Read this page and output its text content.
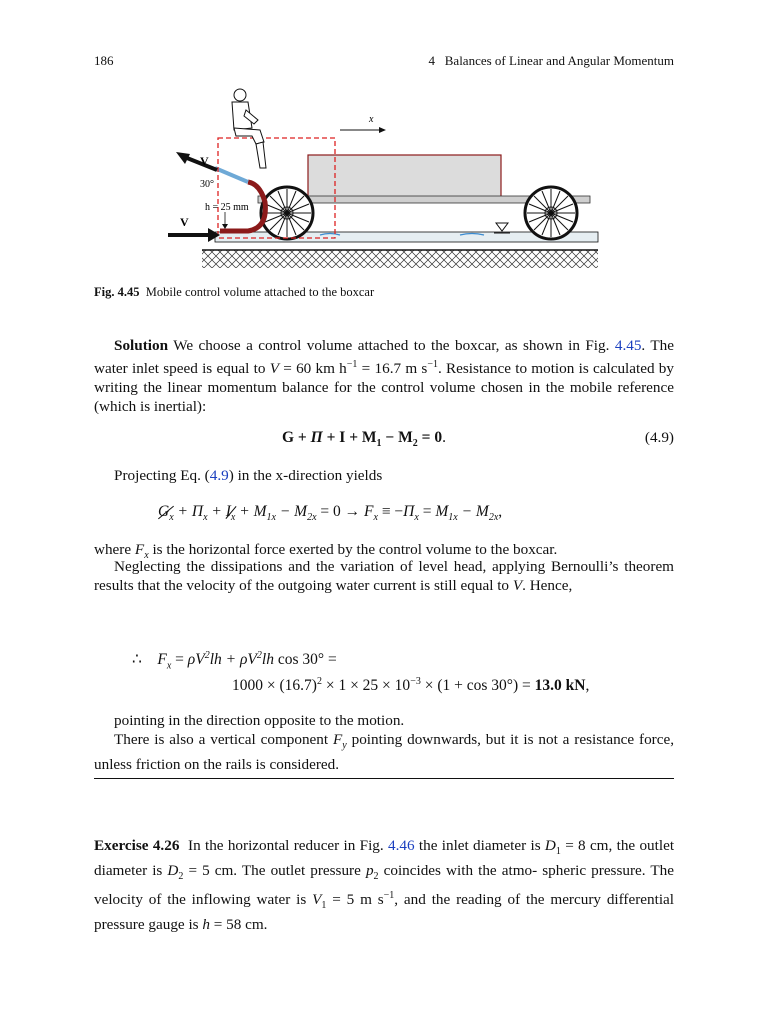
186	4   Balances of Linear and Angular Momentum
x
V
30°
h = 25 mm
V
Fig. 4.45 Mobile control volume attached to the boxcar
Solution We choose a control volume attached to the boxcar, as shown in Fig. 4.45. The water inlet speed is equal to V = 60 km $h^{-1} = 16.7$ m $s^{-1}$. Resistance to motion is calculated by writing the linear momentum balance for the control volume chosen in the mobile reference (which is inertial):
$G + \Pi + I + M_1 - M_2 = 0$.	(4.9)
Projecting Eq. (4.9) in the x-direction yields
$G_x$
+ $\Pi_x + I_x$
+ $M_{1x} - M_{2x} = 0 \to F_x \equiv -\Pi_x = M_{1x} - M_{2x}$,
where $F_x$ is the horizontal force exerted by the control volume to the boxcar.
Neglecting the dissipations and the variation of level head, applying Bernoulli’s theorem results that the velocity of the outgoing water current is still equal to V. Hence,
∴    $F_x = \rho V^2lh + \rho V^2lh$ cos 30° =
$1000 \times (16.7)^2 \times 1 \times 25 \times 10^{-3} \times (1 + \cos 30^\circ) = 13.0$ kN,
pointing in the direction opposite to the motion.
There is also a vertical component $F_y$ pointing downwards, but it is not a resistance force, unless friction on the rails is considered.
Exercise 4.26 In the horizontal reducer in Fig. 4.46 the inlet diameter is $D_1 = 8$ cm, the outlet diameter is $D_2 = 5$ cm. The outlet pressure $p_2$ coincides with the atmo- spheric pressure. The velocity of the inflowing water is $V_1 = 5$ m $s^{-1}$, and the reading of the mercury differential pressure gauge is h = 58 cm.
